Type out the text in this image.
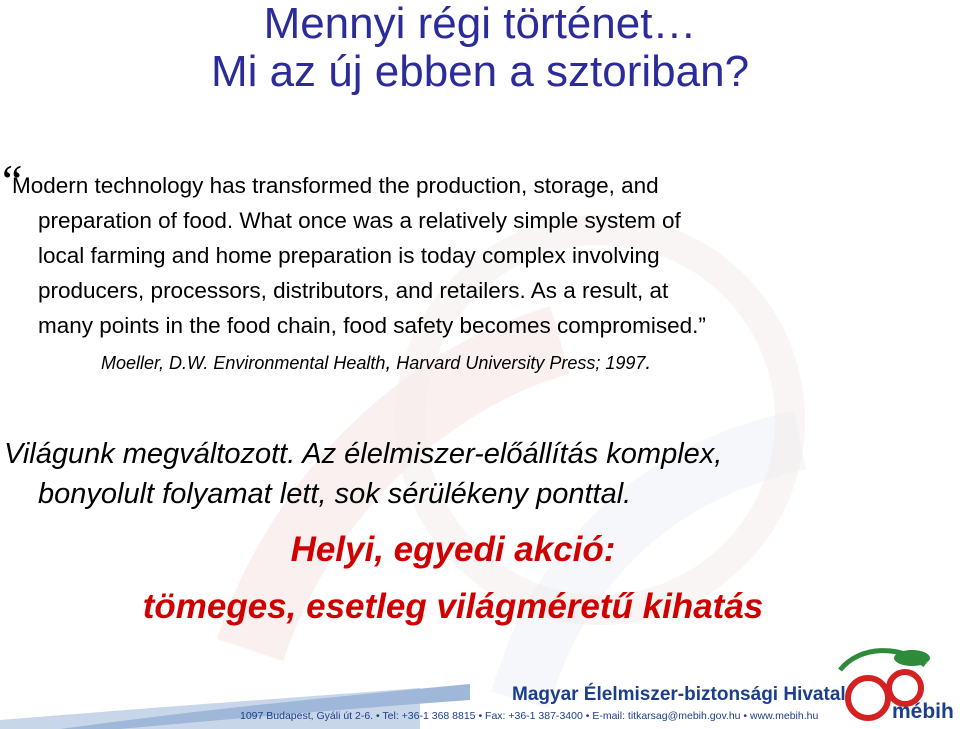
Mennyi régi történet…
Mi az új ebben a sztoriban?
“
Modern technology has transformed the production, storage, and
preparation of food. What once was a relatively simple system of
local farming and home preparation is today complex involving
producers, processors, distributors, and retailers. As a result, at
many points in the food chain, food safety becomes compromised.”
Moeller, D.W. Environmental Health, Harvard University Press; 1997.
Világunk megváltozott. Az élelmiszer-előállítás komplex,
bonyolult folyamat lett, sok sérülékeny ponttal.
Helyi, egyedi akció:
tömeges, esetleg világméretű kihatás
Magyar Élelmiszer-biztonsági Hivatal
1097 Budapest, Gyáli út 2-6. • Tel: +36-1 368 8815 • Fax: +36-1 387-3400 • E-mail: titkarsag@mebih.gov.hu • www.mebih.hu	mébih
